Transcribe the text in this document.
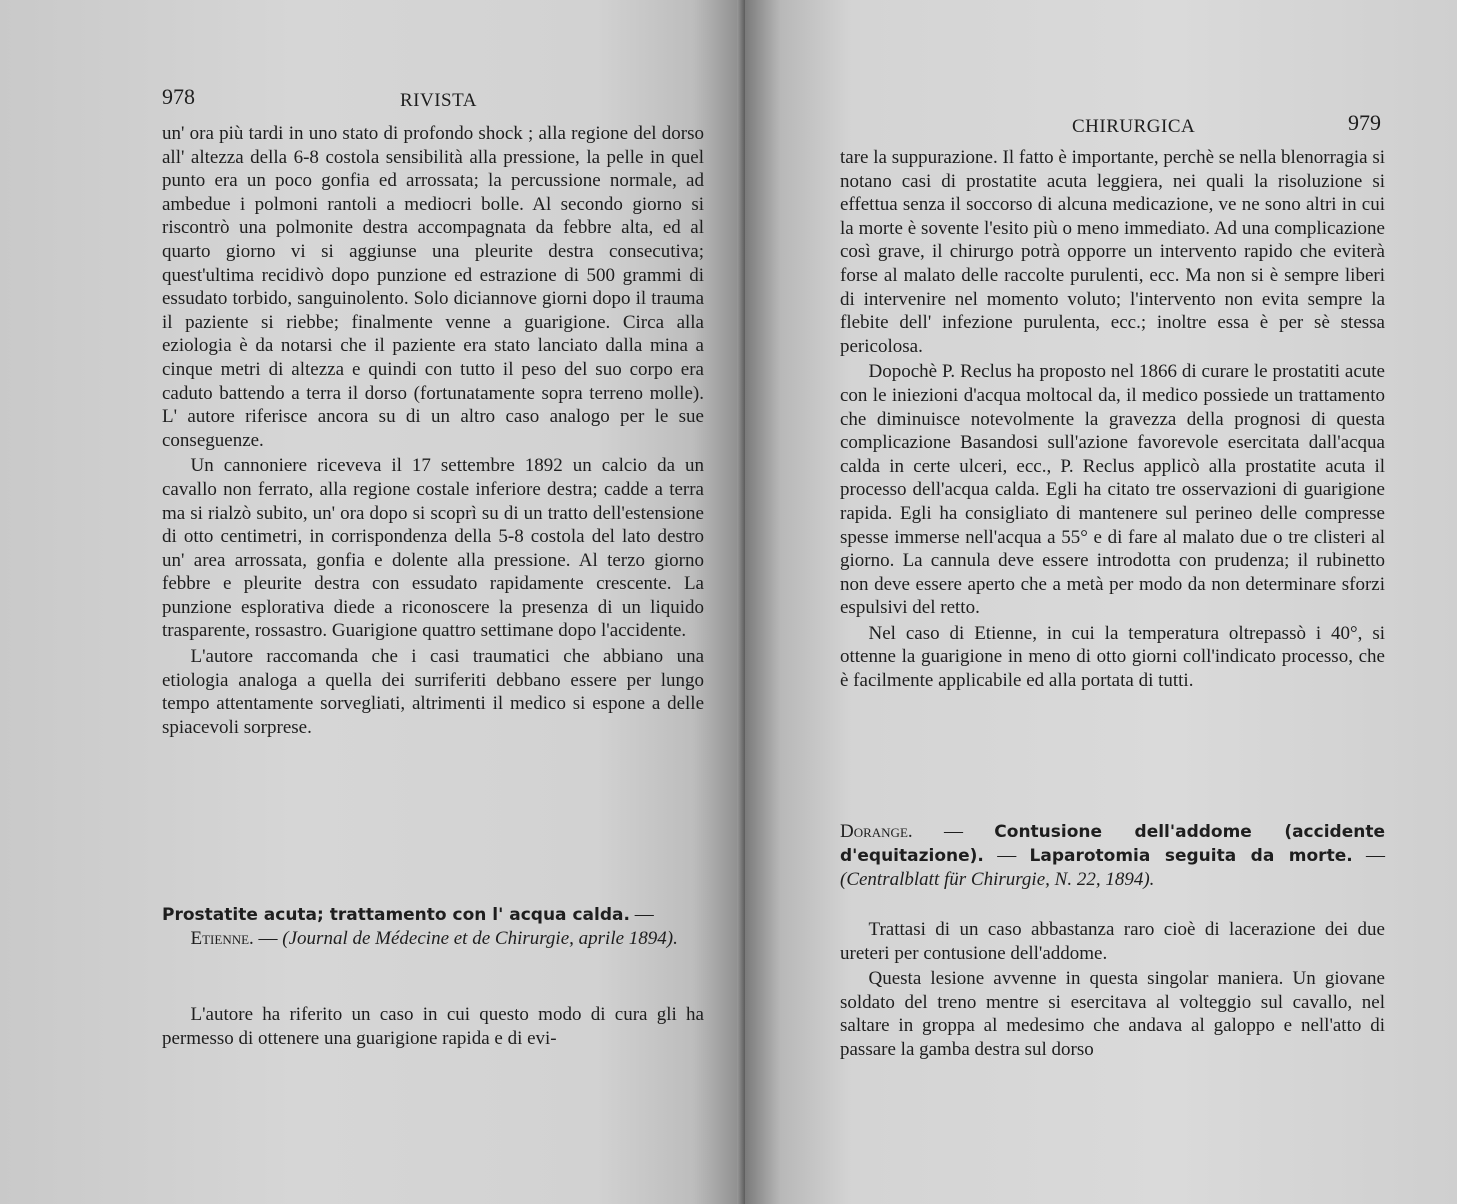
978	RIVISTA

un' ora più tardi in uno stato di profondo shock ; alla regione del dorso all' altezza della 6-8 costola sensibilità alla pressione, la pelle in quel punto era un poco gonfia ed arrossata; la percussione normale, ad ambedue i polmoni rantoli a mediocri bolle. Al secondo giorno si riscontrò una polmonite destra accompagnata da febbre alta, ed al quarto giorno vi si aggiunse una pleurite destra consecutiva; quest'ultima recidivò dopo punzione ed estrazione di 500 grammi di essudato torbido, sanguinolento. Solo diciannove giorni dopo il trauma il paziente si riebbe; finalmente venne a guarigione. Circa alla eziologia è da notarsi che il paziente era stato lanciato dalla mina a cinque metri di altezza e quindi con tutto il peso del suo corpo era caduto battendo a terra il dorso (fortunatamente sopra terreno molle). L' autore riferisce ancora su di un altro caso analogo per le sue conseguenze.

Un cannoniere riceveva il 17 settembre 1892 un calcio da un cavallo non ferrato, alla regione costale inferiore destra; cadde a terra ma si rialzò subito, un' ora dopo si scoprì su di un tratto dell'estensione di otto centimetri, in corrispondenza della 5-8 costola del lato destro un' area arrossata, gonfia e dolente alla pressione. Al terzo giorno febbre e pleurite destra con essudato rapidamente crescente. La punzione esplorativa diede a riconoscere la presenza di un liquido trasparente, rossastro. Guarigione quattro settimane dopo l'accidente.

L'autore raccomanda che i casi traumatici che abbiano una etiologia analoga a quella dei surriferiti debbano essere per lungo tempo attentamente sorvegliati, altrimenti il medico si espone a delle spiacevoli sorprese.

Prostatite acuta; trattamento con l' acqua calda. —
Etienne. — (Journal de Médecine et de Chirurgie, aprile 1894).

L'autore ha riferito un caso in cui questo modo di cura gli ha permesso di ottenere una guarigione rapida e di evi-

CHIRURGICA	979

tare la suppurazione. Il fatto è importante, perchè se nella blenorragia si notano casi di prostatite acuta leggiera, nei quali la risoluzione si effettua senza il soccorso di alcuna medicazione, ve ne sono altri in cui la morte è sovente l'esito più o meno immediato. Ad una complicazione così grave, il chirurgo potrà opporre un intervento rapido che eviterà forse al malato delle raccolte purulenti, ecc. Ma non si è sempre liberi di intervenire nel momento voluto; l'intervento non evita sempre la flebite dell' infezione purulenta, ecc.; inoltre essa è per sè stessa pericolosa.

Dopochè P. Reclus ha proposto nel 1866 di curare le prostatiti acute con le iniezioni d'acqua moltocal da, il medico possiede un trattamento che diminuisce notevolmente la gravezza della prognosi di questa complicazione Basandosi sull'azione favorevole esercitata dall'acqua calda in certe ulceri, ecc., P. Reclus applicò alla prostatite acuta il processo dell'acqua calda. Egli ha citato tre osservazioni di guarigione rapida. Egli ha consigliato di mantenere sul perineo delle compresse spesse immerse nell'acqua a 55° e di fare al malato due o tre clisteri al giorno. La cannula deve essere introdotta con prudenza; il rubinetto non deve essere aperto che a metà per modo da non determinare sforzi espulsivi del retto.

Nel caso di Etienne, in cui la temperatura oltrepassò i 40°, si ottenne la guarigione in meno di otto giorni coll'indicato processo, che è facilmente applicabile ed alla portata di tutti.

Dorange. — Contusione dell'addome (accidente d'equitazione). — Laparotomia seguita da morte. — (Centralblatt für Chirurgie, N. 22, 1894).

Trattasi di un caso abbastanza raro cioè di lacerazione dei due ureteri per contusione dell'addome.

Questa lesione avvenne in questa singolar maniera. Un giovane soldato del treno mentre si esercitava al volteggio sul cavallo, nel saltare in groppa al medesimo che andava al galoppo e nell'atto di passare la gamba destra sul dorso
